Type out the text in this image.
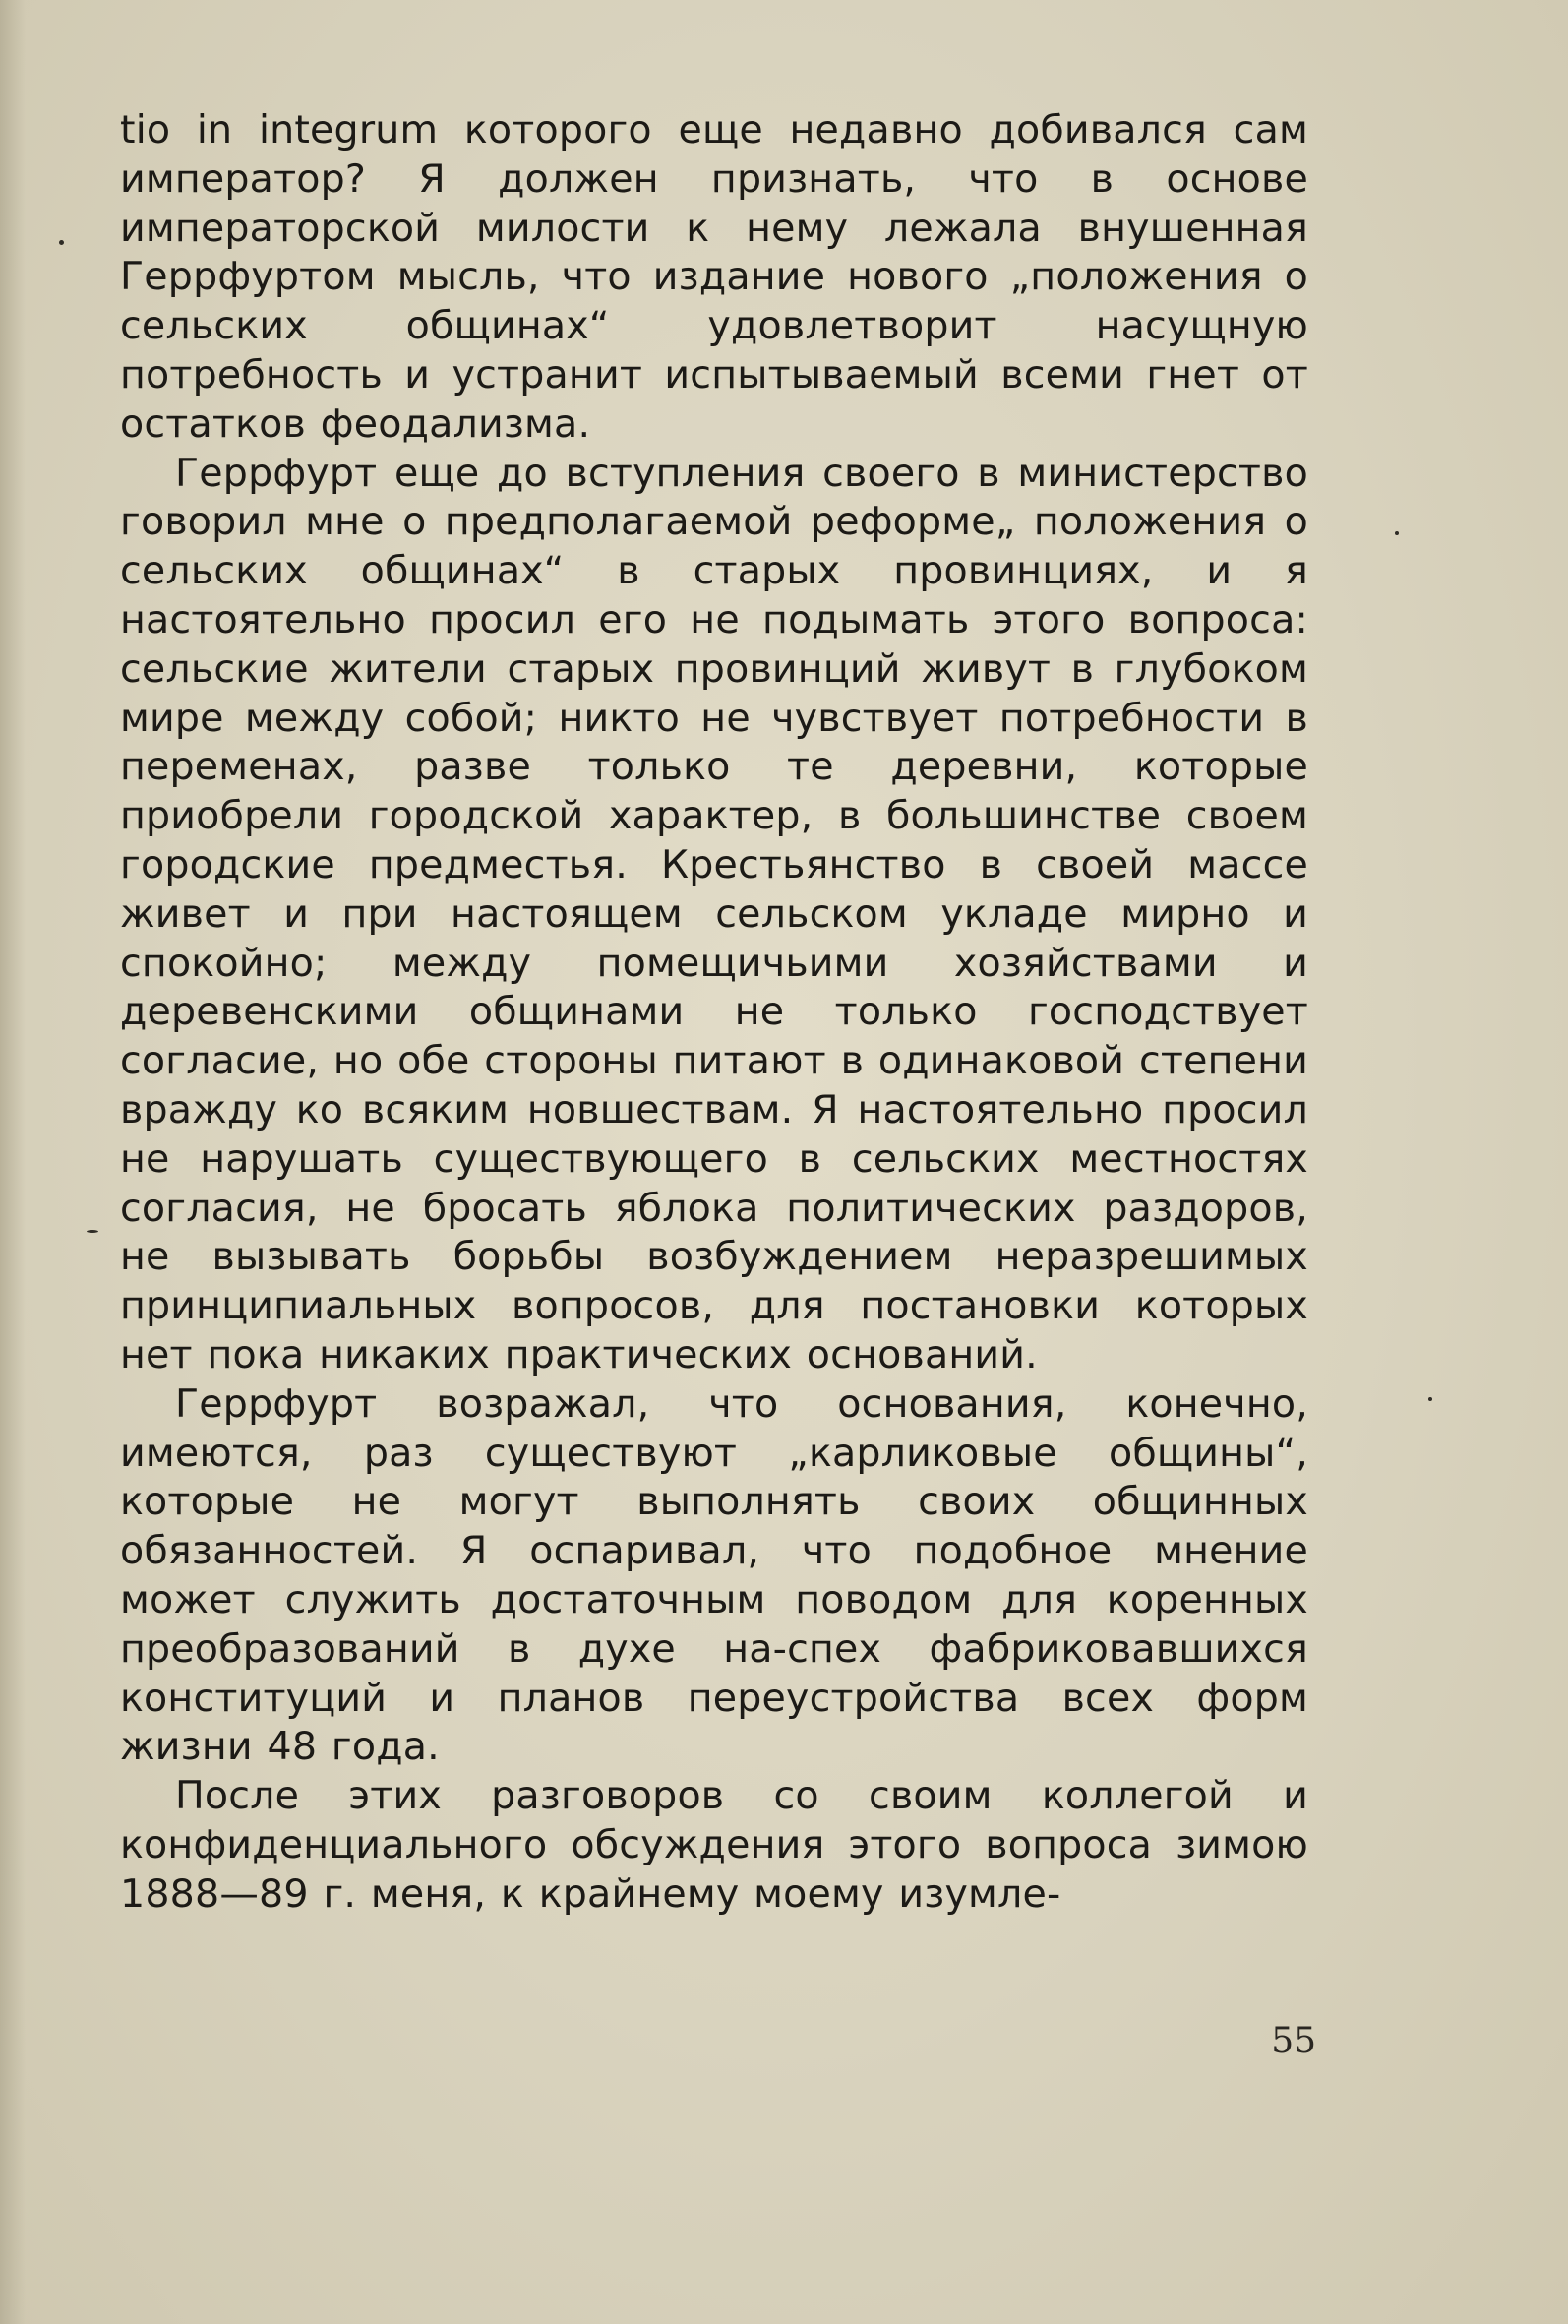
tio in integrum которого еще недавно добивался сам император? Я должен признать, что в основе императорской милости к нему лежала внушенная Геррфуртом мысль, что издание нового „положения о сельских общинах“ удовлетворит насущную потребность и устранит испытываемый всеми гнет от остатков феодализма.

Геррфурт еще до вступления своего в министерство говорил мне о предполагаемой реформе„ положения о сельских общинах“ в старых провинциях, и я настоятельно просил его не подымать этого вопроса: сельские жители старых провинций живут в глубоком мире между собой; никто не чувствует потребности в переменах, разве только те деревни, которые приобрели городской характер, в большинстве своем городские предместья. Крестьянство в своей массе живет и при настоящем сельском укладе мирно и спокойно; между помещичьими хозяйствами и деревенскими общинами не только господствует согласие, но обе стороны питают в одинаковой степени вражду ко всяким новшествам. Я настоятельно просил не нарушать существующего в сельских местностях согласия, не бросать яблока политических раздоров, не вызывать борьбы возбуждением неразрешимых принципиальных вопросов, для постановки которых нет пока никаких практических оснований.

Геррфурт возражал, что основания, конечно, имеются, раз существуют „карликовые общины“, которые не могут выполнять своих общинных обязанностей. Я оспаривал, что подобное мнение может служить достаточным поводом для коренных преобразований в духе на-спех фабриковавшихся конституций и планов переустройства всех форм жизни 48 года.

После этих разговоров со своим коллегой и конфиденциального обсуждения этого вопроса зимою 1888—89 г. меня, к крайнему моему изумле-

55
